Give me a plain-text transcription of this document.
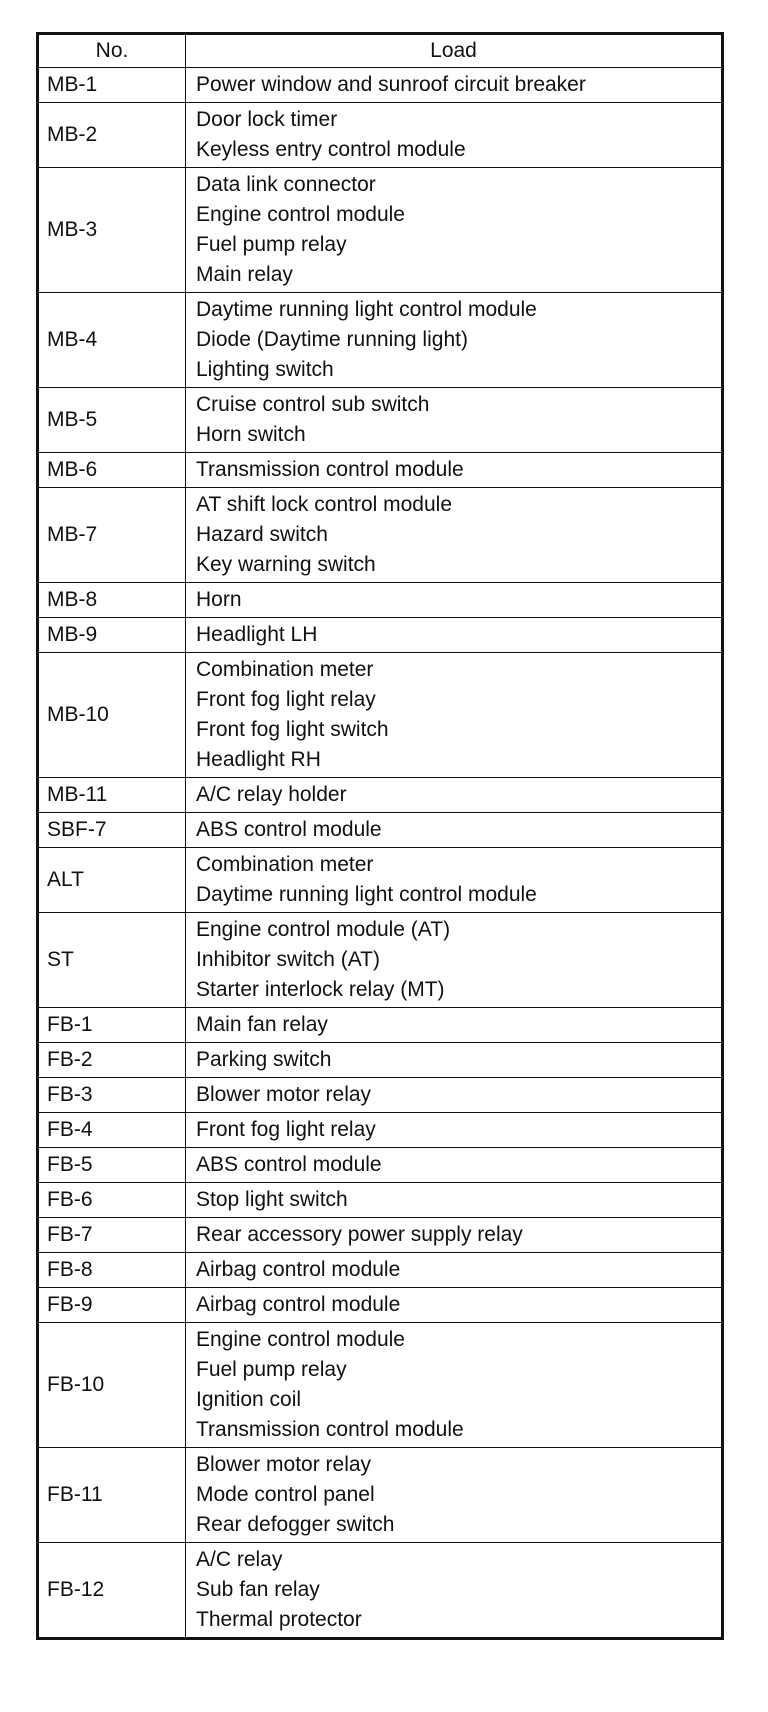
No.	Load
MB-1	Power window and sunroof circuit breaker

MB-2	Door lock timer
Keyless entry control module

MB-3	Data link connector
Engine control module
Fuel pump relay
Main relay

MB-4	Daytime running light control module
Diode (Daytime running light)
Lighting switch

MB-5	Cruise control sub switch
Horn switch

MB-6	Transmission control module

MB-7	AT shift lock control module
Hazard switch
Key warning switch

MB-8	Horn

MB-9	Headlight LH

MB-10	Combination meter
Front fog light relay
Front fog light switch
Headlight RH

MB-11	A/C relay holder

SBF-7	ABS control module

ALT	Combination meter
Daytime running light control module

ST	Engine control module (AT)
Inhibitor switch (AT)
Starter interlock relay (MT)

FB-1	Main fan relay

FB-2	Parking switch

FB-3	Blower motor relay

FB-4	Front fog light relay

FB-5	ABS control module

FB-6	Stop light switch

FB-7	Rear accessory power supply relay

FB-8	Airbag control module

FB-9	Airbag control module

FB-10	Engine control module
Fuel pump relay
Ignition coil
Transmission control module

FB-11	Blower motor relay
Mode control panel
Rear defogger switch

FB-12	A/C relay
Sub fan relay
Thermal protector
